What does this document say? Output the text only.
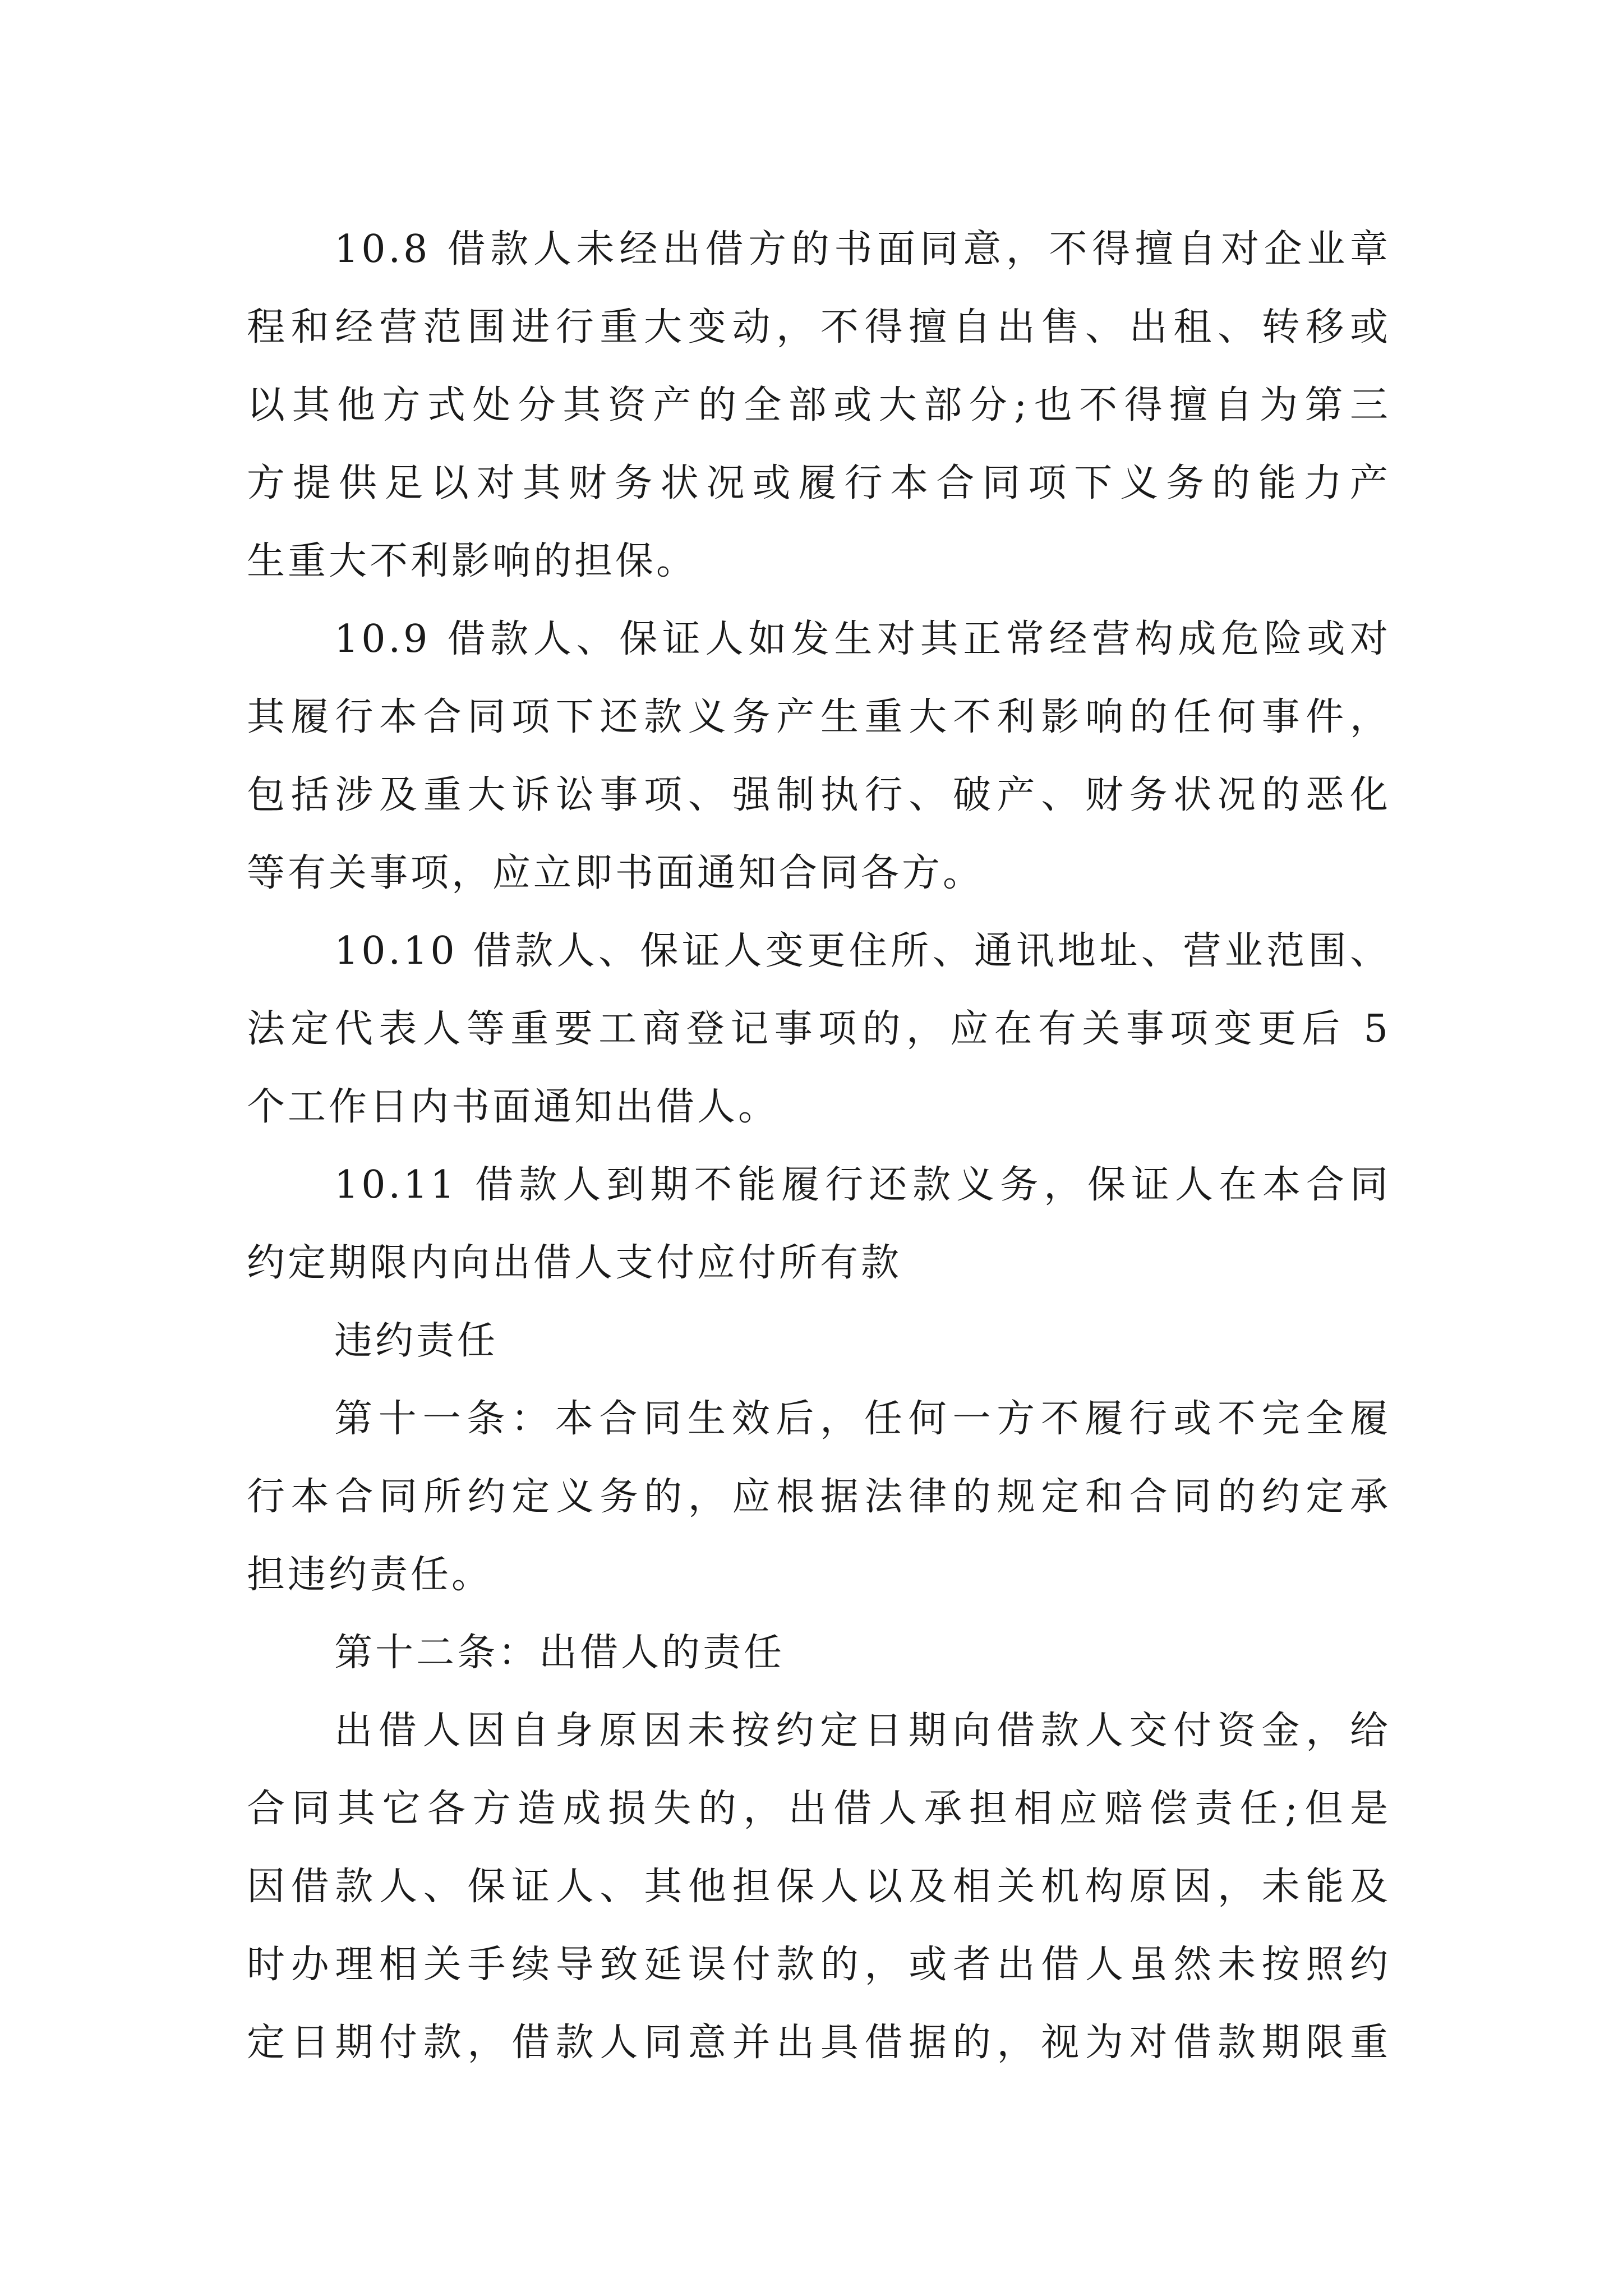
10.8 借款人未经出借方的书面同意，不得擅自对企业章
程和经营范围进行重大变动，不得擅自出售、出租、转移或
以其他方式处分其资产的全部或大部分;也不得擅自为第三
方提供足以对其财务状况或履行本合同项下义务的能力产
生重大不利影响的担保。
10.9 借款人、保证人如发生对其正常经营构成危险或对
其履行本合同项下还款义务产生重大不利影响的任何事件，
包括涉及重大诉讼事项、强制执行、破产、财务状况的恶化
等有关事项，应立即书面通知合同各方。
10.10 借款人、保证人变更住所、通讯地址、营业范围、
法定代表人等重要工商登记事项的，应在有关事项变更后 5
个工作日内书面通知出借人。
10.11 借款人到期不能履行还款义务，保证人在本合同
约定期限内向出借人支付应付所有款
违约责任
第十一条：本合同生效后，任何一方不履行或不完全履
行本合同所约定义务的，应根据法律的规定和合同的约定承
担违约责任。
第十二条：出借人的责任
出借人因自身原因未按约定日期向借款人交付资金，给
合同其它各方造成损失的，出借人承担相应赔偿责任;但是
因借款人、保证人、其他担保人以及相关机构原因，未能及
时办理相关手续导致延误付款的，或者出借人虽然未按照约
定日期付款，借款人同意并出具借据的，视为对借款期限重
